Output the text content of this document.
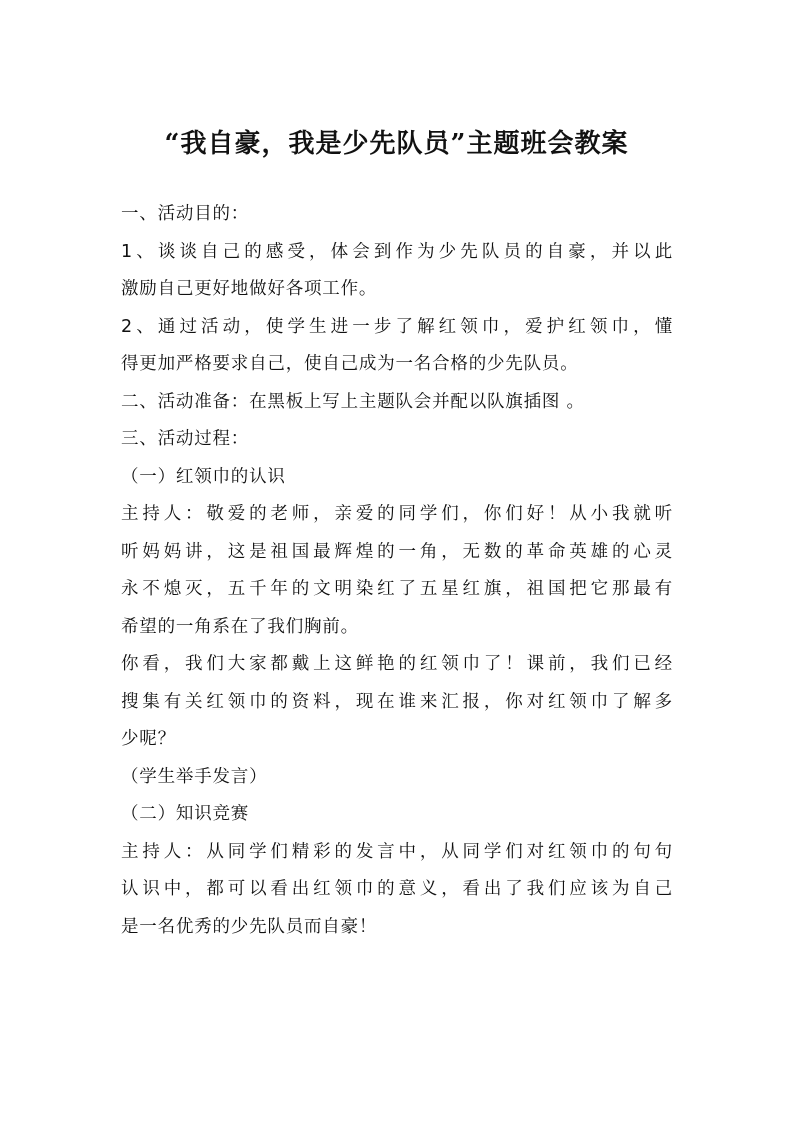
“我自豪，我是少先队员”主题班会教案
一、活动目的：
1、谈谈自己的感受，体会到作为少先队员的自豪，并以此
激励自己更好地做好各项工作。
2、通过活动，使学生进一步了解红领巾，爱护红领巾，懂
得更加严格要求自己，使自己成为一名合格的少先队员。
二、活动准备：在黑板上写上主题队会并配以队旗插图 。
三、活动过程：
（一）红领巾的认识
主持人：敬爱的老师，亲爱的同学们，你们好！从小我就听
听妈妈讲，这是祖国最辉煌的一角，无数的革命英雄的心灵
永不熄灭，五千年的文明染红了五星红旗，祖国把它那最有
希望的一角系在了我们胸前。
你看，我们大家都戴上这鲜艳的红领巾了！课前，我们已经
搜集有关红领巾的资料，现在谁来汇报，你对红领巾了解多
少呢？
（学生举手发言）
（二）知识竞赛
主持人：从同学们精彩的发言中，从同学们对红领巾的句句
认识中，都可以看出红领巾的意义，看出了我们应该为自己
是一名优秀的少先队员而自豪！
